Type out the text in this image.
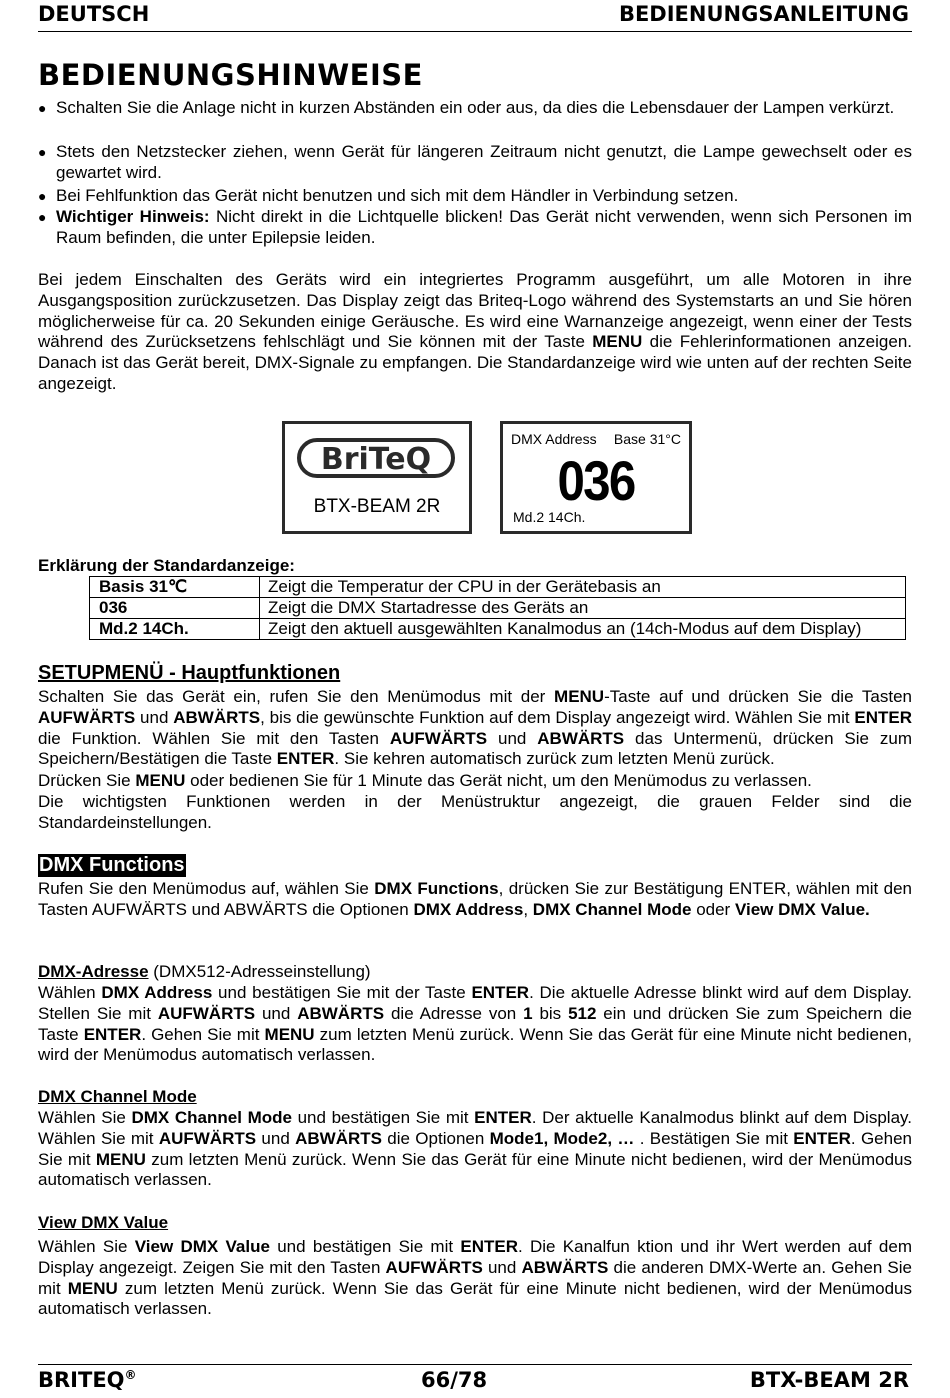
DEUTSCH	BEDIENUNGSANLEITUNG
BEDIENUNGSHINWEISE
● Schalten Sie die Anlage nicht in kurzen Abständen ein oder aus, da dies die Lebensdauer der Lampen verkürzt.
● Stets den Netzstecker ziehen, wenn Gerät für längeren Zeitraum nicht genutzt, die Lampe gewechselt oder es gewartet wird.
● Bei Fehlfunktion das Gerät nicht benutzen und sich mit dem Händler in Verbindung setzen.
● Wichtiger Hinweis: Nicht direkt in die Lichtquelle blicken! Das Gerät nicht verwenden, wenn sich Personen im Raum befinden, die unter Epilepsie leiden.
Bei jedem Einschalten des Geräts wird ein integriertes Programm ausgeführt, um alle Motoren in ihre Ausgangsposition zurückzusetzen. Das Display zeigt das Briteq-Logo während des Systemstarts an und Sie hören möglicherweise für ca. 20 Sekunden einige Geräusche. Es wird eine Warnanzeige angezeigt, wenn einer der Tests während des Zurücksetzens fehlschlägt und Sie können mit der Taste MENU die Fehlerinformationen anzeigen. Danach ist das Gerät bereit, DMX-Signale zu empfangen. Die Standardanzeige wird wie unten auf der rechten Seite angezeigt.
BriTeQ
BTX-BEAM 2R
DMX Address Base 31°C
036
Md.2 14Ch.
Erklärung der Standardanzeige:
Basis 31℃	Zeigt die Temperatur der CPU in der Gerätebasis an
036	Zeigt die DMX Startadresse des Geräts an
Md.2 14Ch.	Zeigt den aktuell ausgewählten Kanalmodus an (14ch-Modus auf dem Display)
SETUPMENÜ - Hauptfunktionen
Schalten Sie das Gerät ein, rufen Sie den Menümodus mit der MENU-Taste auf und drücken Sie die Tasten AUFWÄRTS und ABWÄRTS, bis die gewünschte Funktion auf dem Display angezeigt wird. Wählen Sie mit ENTER die Funktion. Wählen Sie mit den Tasten AUFWÄRTS und ABWÄRTS das Untermenü, drücken Sie zum Speichern/Bestätigen die Taste ENTER. Sie kehren automatisch zurück zum letzten Menü zurück.
Drücken Sie MENU oder bedienen Sie für 1 Minute das Gerät nicht, um den Menümodus zu verlassen.
Die wichtigsten Funktionen werden in der Menüstruktur angezeigt, die grauen Felder sind die Standardeinstellungen.
DMX Functions
Rufen Sie den Menümodus auf, wählen Sie DMX Functions, drücken Sie zur Bestätigung ENTER, wählen mit den Tasten AUFWÄRTS und ABWÄRTS die Optionen DMX Address, DMX Channel Mode oder View DMX Value.
DMX-Adresse (DMX512-Adresseinstellung)
Wählen DMX Address und bestätigen Sie mit der Taste ENTER. Die aktuelle Adresse blinkt wird auf dem Display. Stellen Sie mit AUFWÄRTS und ABWÄRTS die Adresse von 1 bis 512 ein und drücken Sie zum Speichern die Taste ENTER. Gehen Sie mit MENU zum letzten Menü zurück. Wenn Sie das Gerät für eine Minute nicht bedienen, wird der Menümodus automatisch verlassen.
DMX Channel Mode
Wählen Sie DMX Channel Mode und bestätigen Sie mit ENTER. Der aktuelle Kanalmodus blinkt auf dem Display. Wählen Sie mit AUFWÄRTS und ABWÄRTS die Optionen Mode1, Mode2, … . Bestätigen Sie mit ENTER. Gehen Sie mit MENU zum letzten Menü zurück. Wenn Sie das Gerät für eine Minute nicht bedienen, wird der Menümodus automatisch verlassen.
View DMX Value
Wählen Sie View DMX Value und bestätigen Sie mit ENTER. Die Kanalfun ktion und ihr Wert werden auf dem Display angezeigt. Zeigen Sie mit den Tasten AUFWÄRTS und ABWÄRTS die anderen DMX-Werte an. Gehen Sie mit MENU zum letzten Menü zurück. Wenn Sie das Gerät für eine Minute nicht bedienen, wird der Menümodus automatisch verlassen.
BRITEQ®	66/78	BTX-BEAM 2R
